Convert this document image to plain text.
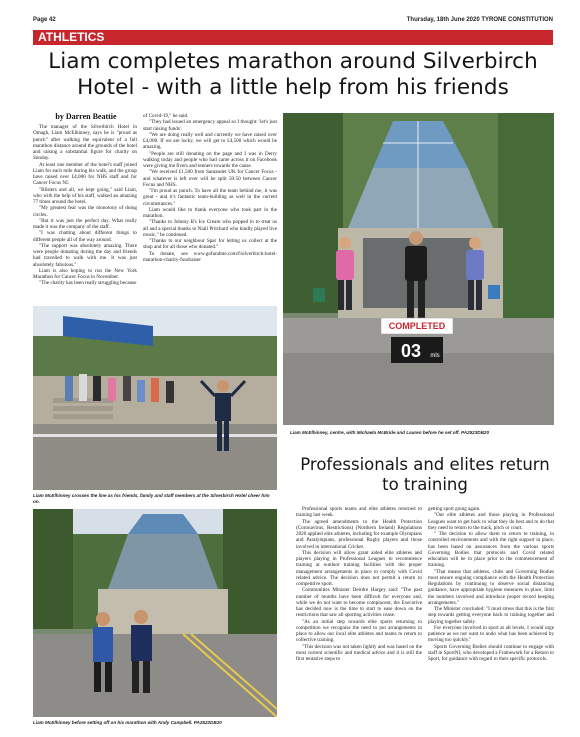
Page 42	Thursday, 18th June 2020 TYRONE CONSTITUTION
ATHLETICS
Liam completes marathon around Silverbirch Hotel - with a little help from his friends
by Darren Beattie

The manager of the Silverbirch Hotel in Omagh, Liam McElhinney, says he is "proud as punch" after walking the equivalent of a full marathon distance around the grounds of the hotel and raising a substantial figure for charity on Sunday.

At least one member of the hotel's staff joined Liam for each mile during his walk, and the group have raised over £4,000 for NHS staff and for Cancer Focus NI.

"Blisters and all, we kept going," said Liam, who with the help of his staff, walked an amazing 77 times around the hotel.

"My greatest fear was the monotony of doing circles.

"But it was just the perfect day. What really made it was the company of the staff.

"I was chatting about different things to different people all of the way around.

"The support was absolutely amazing. There were people donating during the day and friends had travelled to walk with me. It was just absolutely fabulous."

Liam is also hoping to run the New York Marathon for Cancer Focus in November.

"The charity has been really struggling because

of Covid-19," he said.

"They had issued an emergency appeal so I thought: 'let's just start raising funds'.

"We are doing really well and currently we have raised over £4,000. If we are lucky, we will get to £4,500 which would be amazing.

"People are still donating on the page and I was in Derry walking today and people who had came across it on Facebook were giving me fivers and tenners towards the cause.

"We received £1,500 from Santander UK for Cancer Focus - and whatever is left over will be split 50:50 between Cancer Focus and NHS.

"I'm proud as punch. To have all the team behind me, it was great - and it's fantastic team-building as well in the current circumstances."

Liam would like to thank everyone who took part in the marathon.

"Thanks to Johnny B's Ice Cream who popped in to treat us all and a special thanks to Niall Pritchard who kindly played live music," he continued.

"Thanks to our neighbour Spar for letting us collect at the shop and for all those who donated."

To donate, see www.gofundme.com/f/silverbirch-hotel-marathon-charity-fundraiser

COMPLETED
03 mls
Liam McElhinney, centre, with Michaela McBride and Lauren before he set off. PA2523DB20
Liam McElhinney crosses the line as his friends, family and staff members at the Silverbirch Hotel cheer him on.
Liam McElhinney before setting off on his marathon with Andy Campbell. PA2522DB20
Professionals and elites return to training

Professional sports teams and elite athletes returned to training last week.

The agreed amendments to the Health Protection (Coronavirus, Restrictions) (Northern Ireland) Regulations 2020 applied elite athletes, including for example Olympians and Paralympians, professional Rugby players and those involved in international Cricket.

This decision will allow grant aided elite athletes and players playing in Professional Leagues to recommence training at outdoor training facilities with the proper management arrangements in place to comply with Covid related advice. The decision does not permit a return to competitive sport.

Communities Minister Deirdre Hargey said: "The past number of months have been difficult for everyone and, while we do not want to become complacent, the Executive has decided now is the time to start to ease down on the restrictions that saw all sporting activities cease.

"As an initial step towards elite sports returning to competition we recognise the need to put arrangements in place to allow our local elite athletes and teams to return to collective training.

"This decision was not taken lightly and was based on the most current scientific and medical advice and it is still the first tentative steps to

getting sport going again.

"Our elite athletes and those playing in Professional Leagues want to get back to what they do best and to do that they need to return to the track, pitch or court.

" The decision to allow them to return to training, in controlled environments and with the right support in place, has been based on assurances from the various sports Governing Bodies that protocols and Covid related education will be in place prior to the commencement of training.

"That means that athletes, clubs and Governing Bodies must ensure ongoing compliance with the Health Protection Regulations by continuing to observe social distancing guidance, have appropriate hygiene measures in place, limit the numbers involved and introduce proper record keeping arrangements."

The Minister concluded: "I must stress that this is the first step towards getting everyone back to training together and playing together safely.

For everyone involved in sport at all levels, I would urge patience as we not want to undo what has been achieved by moving too quickly."

Sports Governing Bodies should continue to engage with staff in SportNI, who developed a Framework for a Return to Sport, for guidance with regard to their specific protocols.
